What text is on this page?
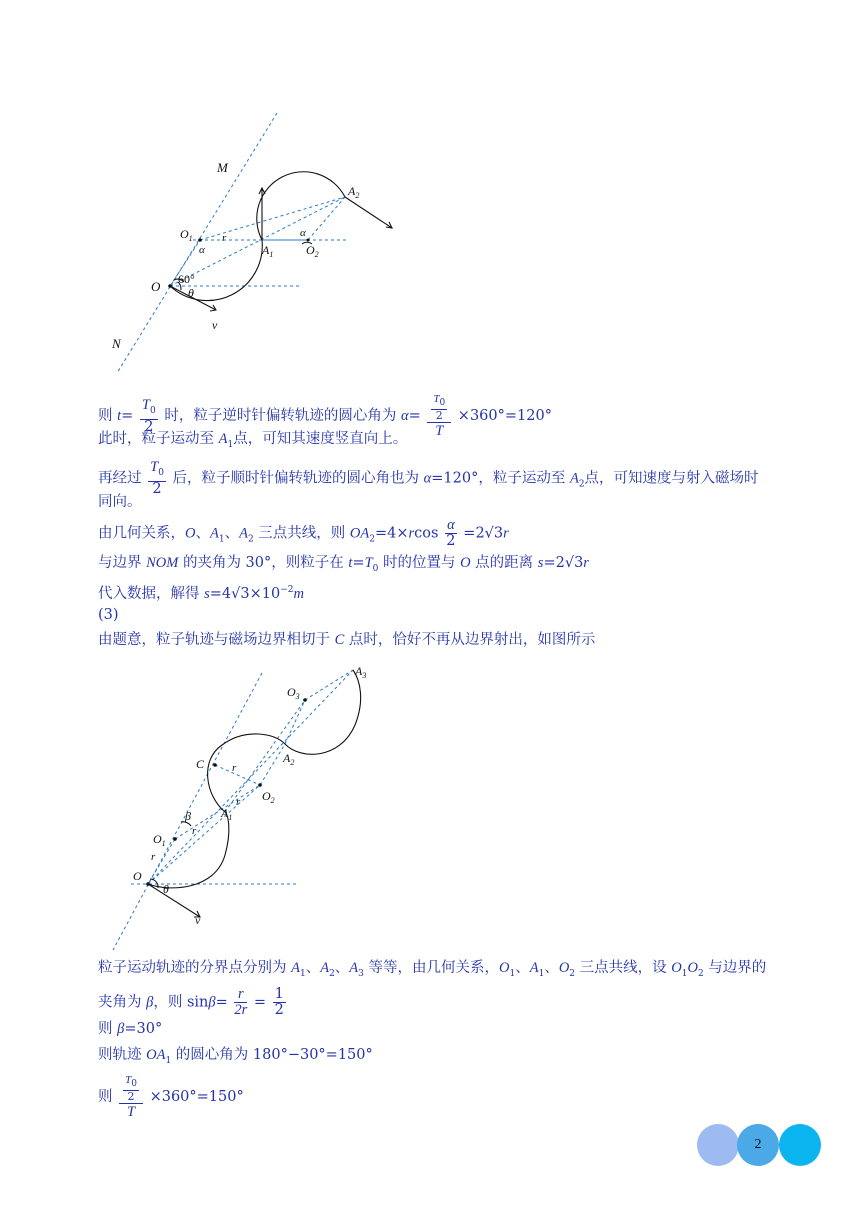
M
N
O
$O_1$	r
α
α
$A_1$	$O_2$
$A_2$
60°
θ
v
则 $t= \frac{T_0}{2}$ 时，粒子逆时针偏转轨迹的圆心角为 $\alpha= \frac{\frac{T_0}{2}}{T} \times 360^\circ=120^\circ$
此时，粒子运动至 $A_1$点，可知其速度竖直向上。
再经过 $\frac{T_0}{2}$ 后，粒子顺时针偏转轨迹的圆心角也为 α=120°，粒子运动至 $A_2$点，可知速度与射入磁场时
同向。
由几何关系，O、$A_1$、$A_2$ 三点共线，则 $OA_2=4\times rcos \frac{\alpha}{2} =2√3r$
与边界 NOM 的夹角为 30°，则粒子在 $t=T_0$ 时的位置与 O 点的距离 s=2√3r
代入数据，解得 $s=4√3\times 10^{-2}m$
(3)
由题意，粒子轨迹与磁场边界相切于 C 点时，恰好不再从边界射出，如图所示
C	r
r
r
r
O
$O_1$
$O_2$
$O_3$
$A_1$
$A_2$
$A_3$
β
θ
v
粒子运动轨迹的分界点分别为 $A_1$、$A_2$、$A_3$ 等等，由几何关系，$O_1$、$A_1$、$O_2$ 三点共线，设 $O_1O_2$ 与边界的
夹角为 β，则 $\sin\beta= \frac{r}{2r} = \frac{1}{2}$
则 β=30°
则轨迹 $OA_1$ 的圆心角为 180°−30°=150°
则 $\frac{\frac{T_0}{2}}{T} \times 360^\circ=150^\circ$
2
